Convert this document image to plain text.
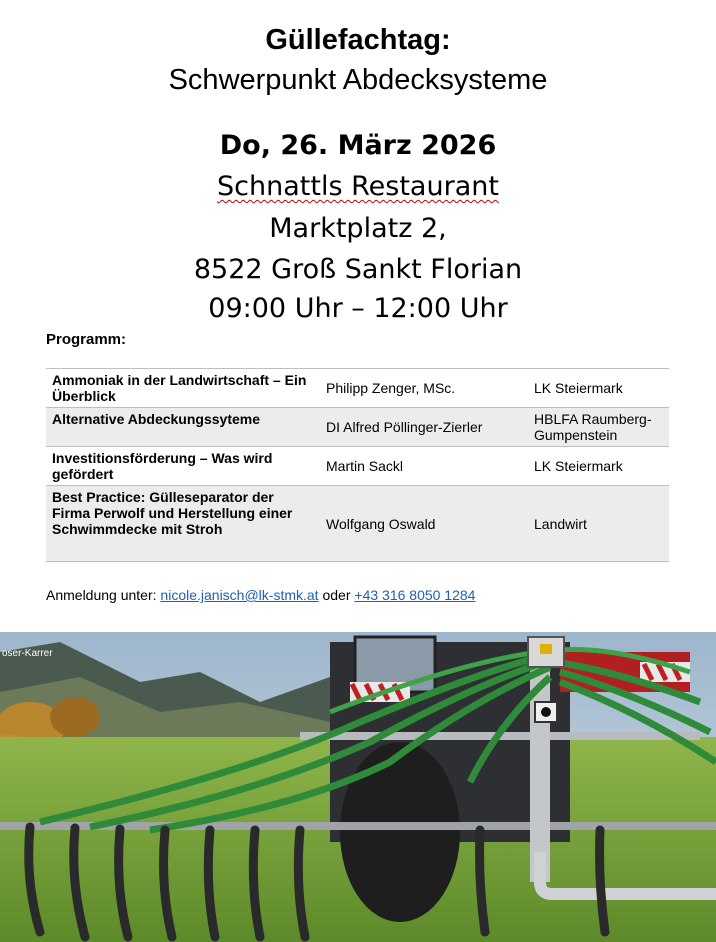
Güllefachtag:
Schwerpunkt Abdecksysteme
Do, 26. März 2026
Schnattls Restaurant
Marktplatz 2,
8522 Groß Sankt Florian
09:00 Uhr – 12:00 Uhr
Programm:
Ammoniak in der Landwirtschaft – Ein Überblick	Philipp Zenger, MSc.	LK Steiermark
Alternative Abdeckungssyteme	DI Alfred Pöllinger-Zierler	HBLFA Raumberg-Gumpenstein
Investitionsförderung – Was wird gefördert	Martin Sackl	LK Steiermark
Best Practice: Gülleseparator der Firma Perwolf und Herstellung einer Schwimmdecke mit Stroh	Wolfgang Oswald	Landwirt
Anmeldung unter: nicole.janisch@lk-stmk.at oder +43 316 8050 1284
oser-Karrer
